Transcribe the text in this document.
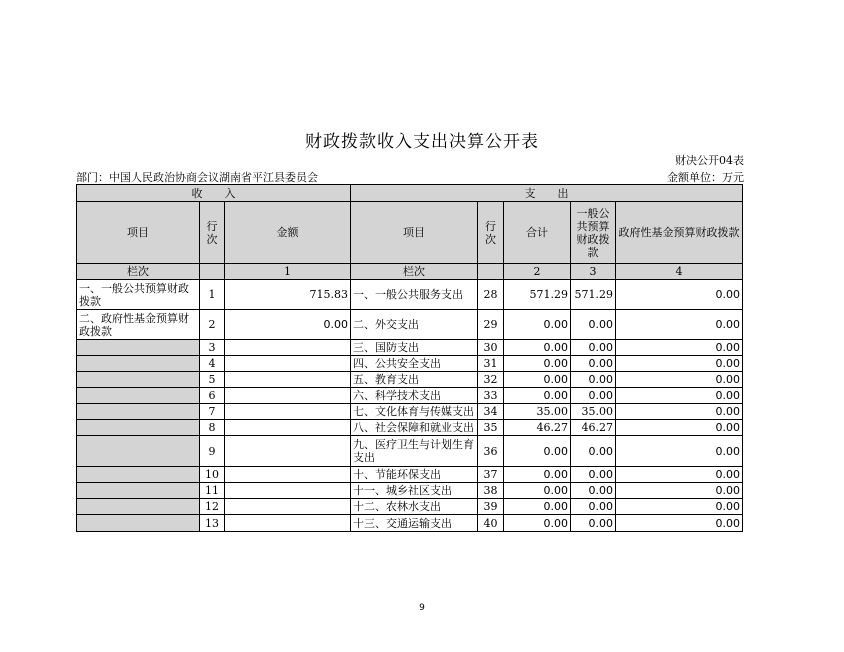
财政拨款收入支出决算公开表
财决公开04表
部门：中国人民政治协商会议湖南省平江县委员会	金额单位：万元
收　　入			支　　出				
项目	行次	金额	项目	行次	合计	一般公共预算财政拨款	政府性基金预算财政拨款
栏次		1	栏次		2	3	4
一、一般公共预算财政拨款	1	715.83	一、一般公共服务支出	28	571.29	571.29	0.00
二、政府性基金预算财政拨款	2	0.00	二、外交支出	29	0.00	0.00	0.00
	3		三、国防支出	30	0.00	0.00	0.00
	4		四、公共安全支出	31	0.00	0.00	0.00
	5		五、教育支出	32	0.00	0.00	0.00
	6		六、科学技术支出	33	0.00	0.00	0.00
	7		七、文化体育与传媒支出	34	35.00	35.00	0.00
	8		八、社会保障和就业支出	35	46.27	46.27	0.00
	9		九、医疗卫生与计划生育支出	36	0.00	0.00	0.00
	10		十、节能环保支出	37	0.00	0.00	0.00
	11		十一、城乡社区支出	38	0.00	0.00	0.00
	12		十二、农林水支出	39	0.00	0.00	0.00
	13		十三、交通运输支出	40	0.00	0.00	0.00
9
